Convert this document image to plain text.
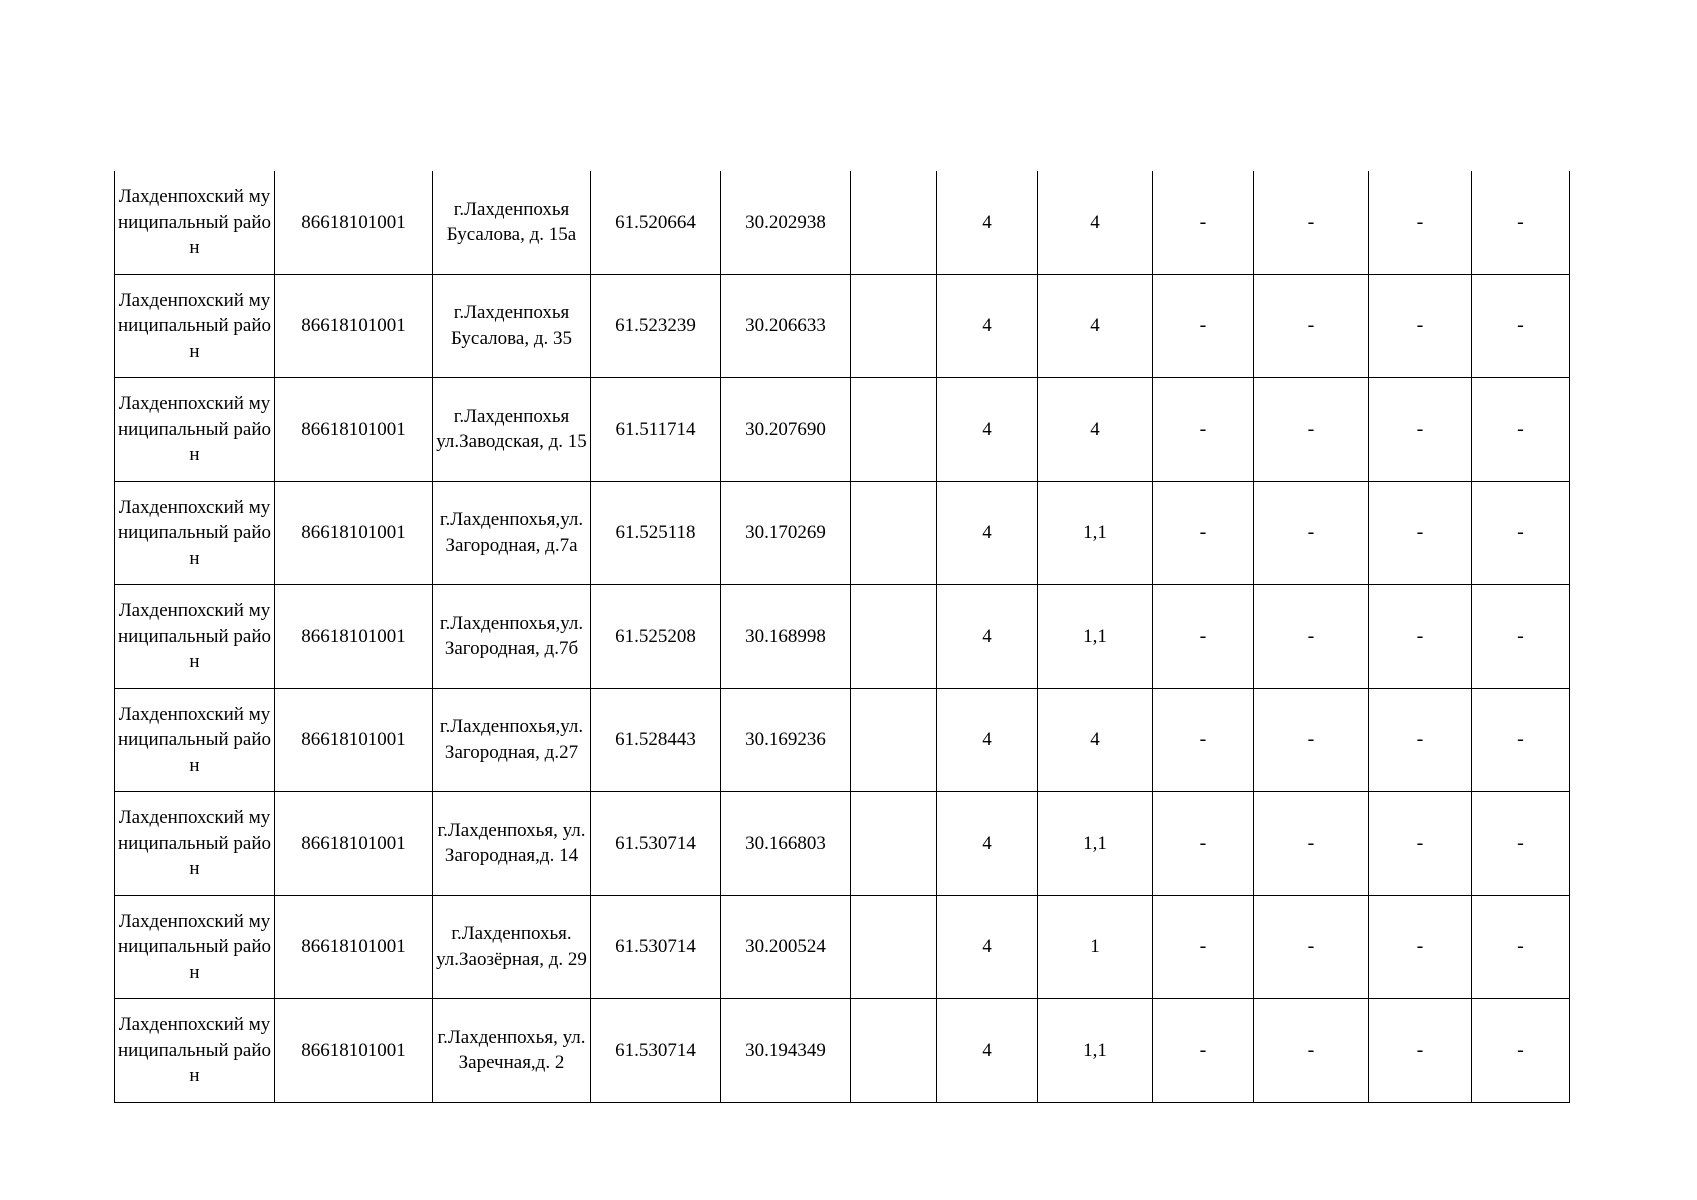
Лахденпохский муниципальный район	86618101001	г.Лахденпохья Бусалова, д. 15а	61.520664	30.202938		4	4	-	-	-	-
Лахденпохский муниципальный район	86618101001	г.Лахденпохья Бусалова, д. 35	61.523239	30.206633		4	4	-	-	-	-
Лахденпохский муниципальный район	86618101001	г.Лахденпохья ул.Заводская, д. 15	61.511714	30.207690		4	4	-	-	-	-
Лахденпохский муниципальный район	86618101001	г.Лахденпохья,ул. Загородная, д.7а	61.525118	30.170269		4	1,1	-	-	-	-
Лахденпохский муниципальный район	86618101001	г.Лахденпохья,ул. Загородная, д.7б	61.525208	30.168998		4	1,1	-	-	-	-
Лахденпохский муниципальный район	86618101001	г.Лахденпохья,ул. Загородная, д.27	61.528443	30.169236		4	4	-	-	-	-
Лахденпохский муниципальный район	86618101001	г.Лахденпохья, ул. Загородная,д. 14	61.530714	30.166803		4	1,1	-	-	-	-
Лахденпохский муниципальный район	86618101001	г.Лахденпохья. ул.Заозёрная, д. 29	61.530714	30.200524		4	1	-	-	-	-
Лахденпохский муниципальный район	86618101001	г.Лахденпохья, ул. Заречная,д. 2	61.530714	30.194349		4	1,1	-	-	-	-
